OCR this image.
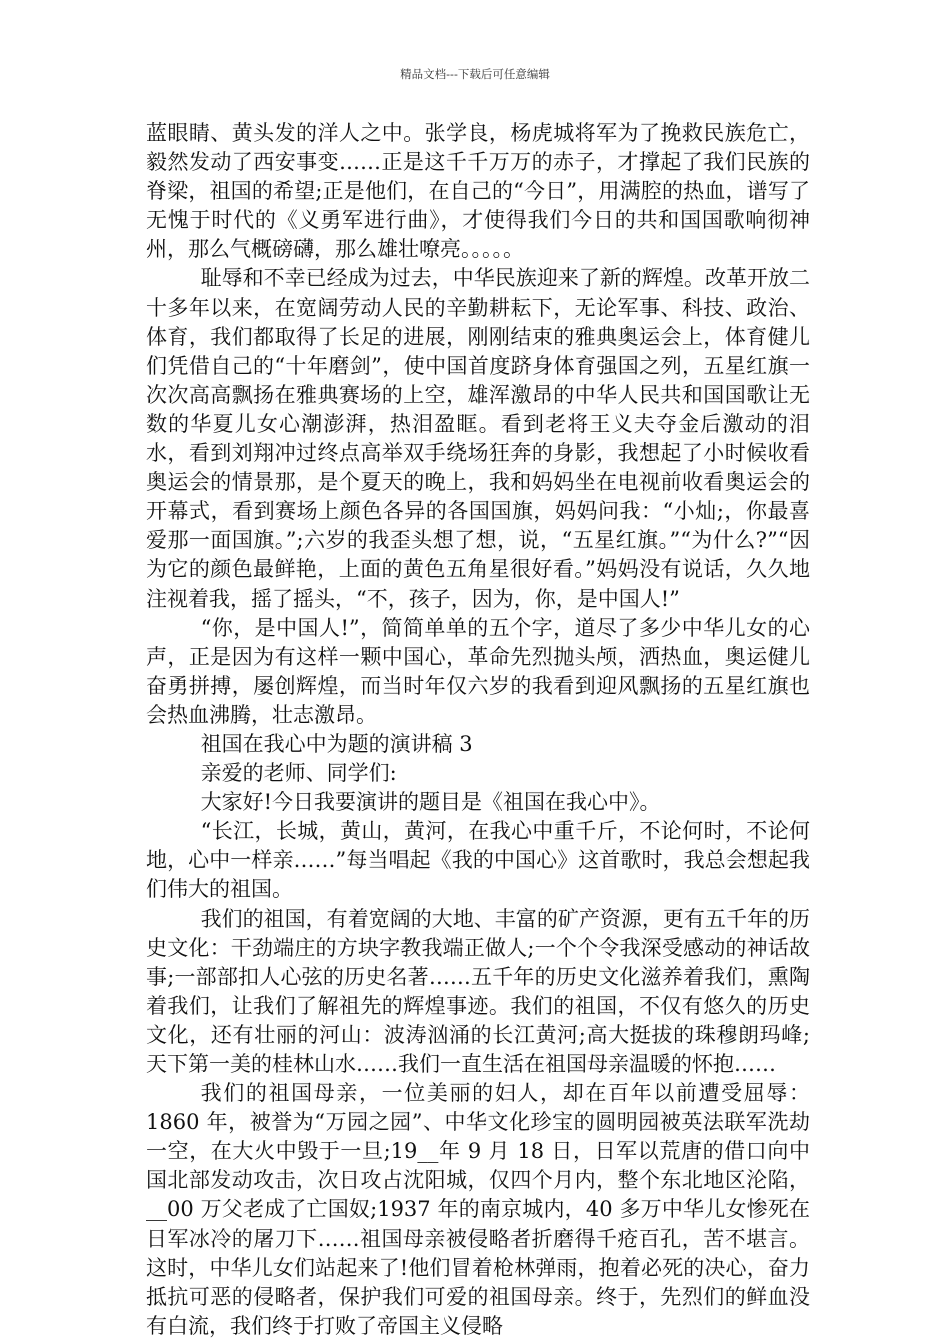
精品文档---下载后可任意编辑

蓝眼睛、黄头发的洋人之中。张学良，杨虎城将军为了挽救民族危亡，毅然发动了西安事变……正是这千千万万的赤子，才撑起了我们民族的脊梁，祖国的希望;正是他们，在自己的“今日”，用满腔的热血，谱写了无愧于时代的《义勇军进行曲》，才使得我们今日的共和国国歌响彻神州，那么气概磅礴，那么雄壮嘹亮。。。。。

耻辱和不幸已经成为过去，中华民族迎来了新的辉煌。改革开放二十多年以来，在宽阔劳动人民的辛勤耕耘下，无论军事、科技、政治、体育，我们都取得了长足的进展，刚刚结束的雅典奥运会上，体育健儿们凭借自己的“十年磨剑”，使中国首度跻身体育强国之列，五星红旗一次次高高飘扬在雅典赛场的上空，雄浑激昂的中华人民共和国国歌让无数的华夏儿女心潮澎湃，热泪盈眶。看到老将王义夫夺金后激动的泪水，看到刘翔冲过终点高举双手绕场狂奔的身影，我想起了小时候收看奥运会的情景那，是个夏天的晚上，我和妈妈坐在电视前收看奥运会的开幕式，看到赛场上颜色各异的各国国旗，妈妈问我：“小灿;，你最喜爱那一面国旗。”;六岁的我歪头想了想，说，“五星红旗。”“为什么?”“因为它的颜色最鲜艳，上面的黄色五角星很好看。”妈妈没有说话，久久地注视着我，摇了摇头，“不，孩子，因为，你，是中国人!”

“你，是中国人!”，简简单单的五个字，道尽了多少中华儿女的心声，正是因为有这样一颗中国心，革命先烈抛头颅，洒热血，奥运健儿奋勇拼搏，屡创辉煌，而当时年仅六岁的我看到迎风飘扬的五星红旗也会热血沸腾，壮志激昂。

祖国在我心中为题的演讲稿 3

亲爱的老师、同学们:

大家好!今日我要演讲的题目是《祖国在我心中》。

“长江，长城，黄山，黄河，在我心中重千斤，不论何时，不论何地，心中一样亲……”每当唱起《我的中国心》这首歌时，我总会想起我们伟大的祖国。

我们的祖国，有着宽阔的大地、丰富的矿产资源，更有五千年的历史文化：干劲端庄的方块字教我端正做人;一个个令我深受感动的神话故事;一部部扣人心弦的历史名著……五千年的历史文化滋养着我们，熏陶着我们，让我们了解祖先的辉煌事迹。我们的祖国，不仅有悠久的历史文化，还有壮丽的河山：波涛汹涌的长江黄河;高大挺拔的珠穆朗玛峰;天下第一美的桂林山水……我们一直生活在祖国母亲温暖的怀抱……

我们的祖国母亲，一位美丽的妇人，却在百年以前遭受屈辱：1860 年，被誉为“万园之园”、中华文化珍宝的圆明园被英法联军洗劫一空，在大火中毁于一旦;19__年 9 月 18 日，日军以荒唐的借口向中国北部发动攻击，次日攻占沈阳城，仅四个月内，整个东北地区沦陷，__00 万父老成了亡国奴;1937 年的南京城内，40 多万中华儿女惨死在日军冰冷的屠刀下……祖国母亲被侵略者折磨得千疮百孔，苦不堪言。这时，中华儿女们站起来了!他们冒着枪林弹雨，抱着必死的决心，奋力抵抗可恶的侵略者，保护我们可爱的祖国母亲。终于，先烈们的鲜血没有白流，我们终于打败了帝国主义侵略
